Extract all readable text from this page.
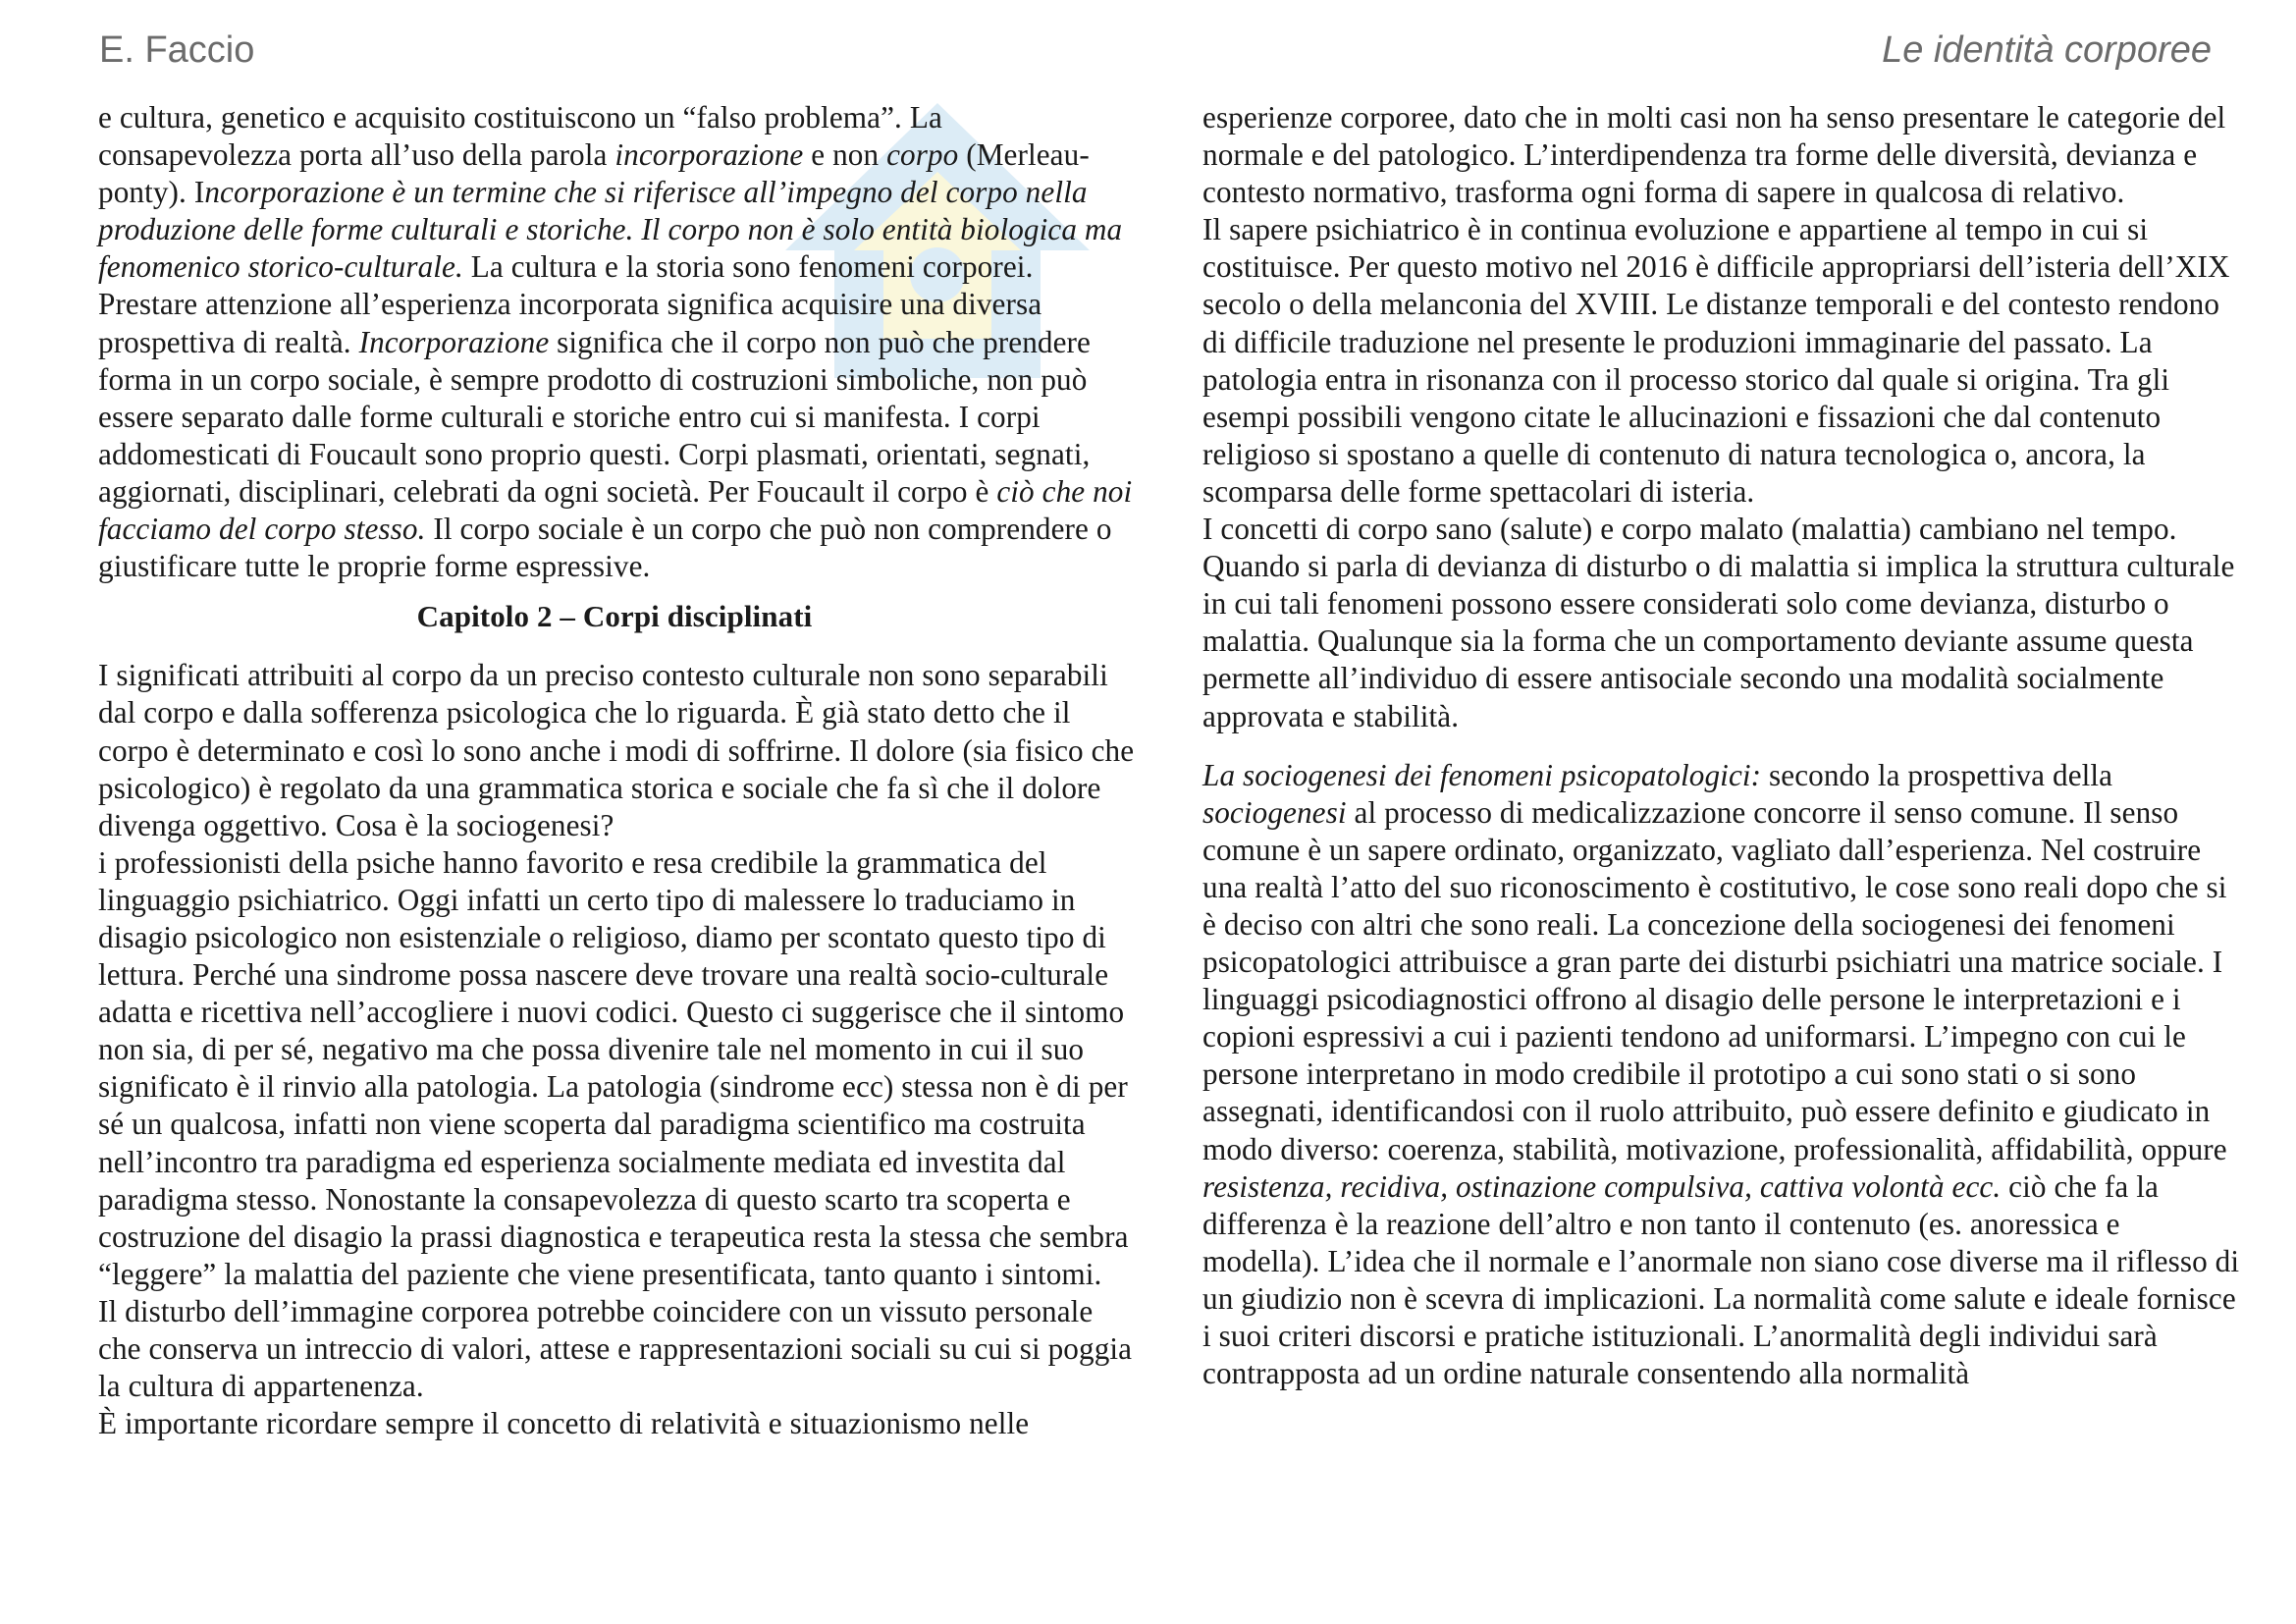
E. Faccio	Le identità corporee

e cultura, genetico e acquisito costituiscono un “falso problema”. La consapevolezza porta all’uso della parola incorporazione e non corpo (Merleau-ponty). Incorporazione è un termine che si riferisce all’impegno del corpo nella produzione delle forme culturali e storiche. Il corpo non è solo entità biologica ma fenomenico storico-culturale. La cultura e la storia sono fenomeni corporei. Prestare attenzione all’esperienza incorporata significa acquisire una diversa prospettiva di realtà. Incorporazione significa che il corpo non può che prendere forma in un corpo sociale, è sempre prodotto di costruzioni simboliche, non può essere separato dalle forme culturali e storiche entro cui si manifesta. I corpi addomesticati di Foucault sono proprio questi. Corpi plasmati, orientati, segnati, aggiornati, disciplinari, celebrati da ogni società. Per Foucault il corpo è ciò che noi facciamo del corpo stesso. Il corpo sociale è un corpo che può non comprendere o giustificare tutte le proprie forme espressive.

Capitolo 2 – Corpi disciplinati

I significati attribuiti al corpo da un preciso contesto culturale non sono separabili dal corpo e dalla sofferenza psicologica che lo riguarda. È già stato detto che il corpo è determinato e così lo sono anche i modi di soffrirne. Il dolore (sia fisico che psicologico) è regolato da una grammatica storica e sociale che fa sì che il dolore divenga oggettivo. Cosa è la sociogenesi?

i professionisti della psiche hanno favorito e resa credibile la grammatica del linguaggio psichiatrico. Oggi infatti un certo tipo di malessere lo traduciamo in disagio psicologico non esistenziale o religioso, diamo per scontato questo tipo di lettura. Perché una sindrome possa nascere deve trovare una realtà socio-culturale adatta e ricettiva nell’accogliere i nuovi codici. Questo ci suggerisce che il sintomo non sia, di per sé, negativo ma che possa divenire tale nel momento in cui il suo significato è il rinvio alla patologia. La patologia (sindrome ecc) stessa non è di per sé un qualcosa, infatti non viene scoperta dal paradigma scientifico ma costruita nell’incontro tra paradigma ed esperienza socialmente mediata ed investita dal paradigma stesso. Nonostante la consapevolezza di questo scarto tra scoperta e costruzione del disagio la prassi diagnostica e terapeutica resta la stessa che sembra “leggere” la malattia del paziente che viene presentificata, tanto quanto i sintomi.

Il disturbo dell’immagine corporea potrebbe coincidere con un vissuto personale che conserva un intreccio di valori, attese e rappresentazioni sociali su cui si poggia la cultura di appartenenza.

È importante ricordare sempre il concetto di relatività e situazionismo nelle

esperienze corporee, dato che in molti casi non ha senso presentare le categorie del normale e del patologico. L’interdipendenza tra forme delle diversità, devianza e contesto normativo, trasforma ogni forma di sapere in qualcosa di relativo.

Il sapere psichiatrico è in continua evoluzione e appartiene al tempo in cui si costituisce. Per questo motivo nel 2016 è difficile appropriarsi dell’isteria dell’XIX secolo o della melanconia del XVIII. Le distanze temporali e del contesto rendono di difficile traduzione nel presente le produzioni immaginarie del passato. La patologia entra in risonanza con il processo storico dal quale si origina. Tra gli esempi possibili vengono citate le allucinazioni e fissazioni che dal contenuto religioso si spostano a quelle di contenuto di natura tecnologica o, ancora, la scomparsa delle forme spettacolari di isteria.

I concetti di corpo sano (salute) e corpo malato (malattia) cambiano nel tempo. Quando si parla di devianza di disturbo o di malattia si implica la struttura culturale in cui tali fenomeni possono essere considerati solo come devianza, disturbo o malattia. Qualunque sia la forma che un comportamento deviante assume questa permette all’individuo di essere antisociale secondo una modalità socialmente approvata e stabilità.

La sociogenesi dei fenomeni psicopatologici: secondo la prospettiva della sociogenesi al processo di medicalizzazione concorre il senso comune. Il senso comune è un sapere ordinato, organizzato, vagliato dall’esperienza. Nel costruire una realtà l’atto del suo riconoscimento è costitutivo, le cose sono reali dopo che si è deciso con altri che sono reali. La concezione della sociogenesi dei fenomeni psicopatologici attribuisce a gran parte dei disturbi psichiatri una matrice sociale. I linguaggi psicodiagnostici offrono al disagio delle persone le interpretazioni e i copioni espressivi a cui i pazienti tendono ad uniformarsi. L’impegno con cui le persone interpretano in modo credibile il prototipo a cui sono stati o si sono assegnati, identificandosi con il ruolo attribuito, può essere definito e giudicato in modo diverso: coerenza, stabilità, motivazione, professionalità, affidabilità, oppure resistenza, recidiva, ostinazione compulsiva, cattiva volontà ecc. ciò che fa la differenza è la reazione dell’altro e non tanto il contenuto (es. anoressica e modella). L’idea che il normale e l’anormale non siano cose diverse ma il riflesso di un giudizio non è scevra di implicazioni. La normalità come salute e ideale fornisce i suoi criteri discorsi e pratiche istituzionali. L’anormalità degli individui sarà contrapposta ad un ordine naturale consentendo alla normalità
